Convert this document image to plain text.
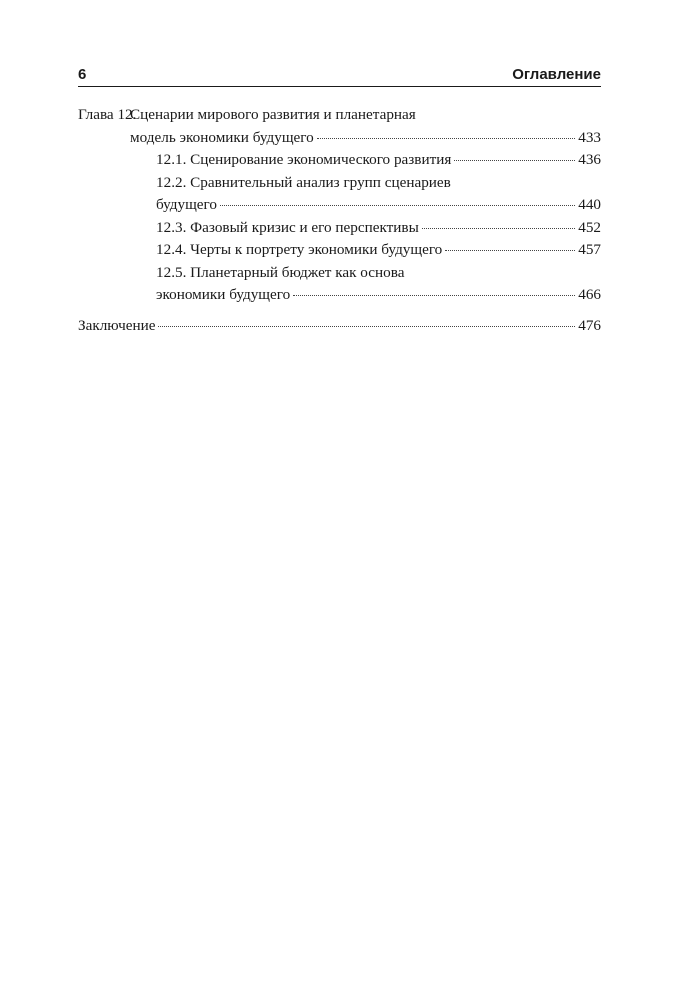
6	Оглавление
Глава 12.
Сценарии мирового развития и планетарная
модель экономики будущего	433
12.1. Сценирование экономического развития	436
12.2. Сравнительный анализ групп сценариев
будущего	440
12.3. Фазовый кризис и его перспективы	452
12.4. Черты к портрету экономики будущего	457
12.5. Планетарный бюджет как основа
экономики будущего	466
Заключение	476
